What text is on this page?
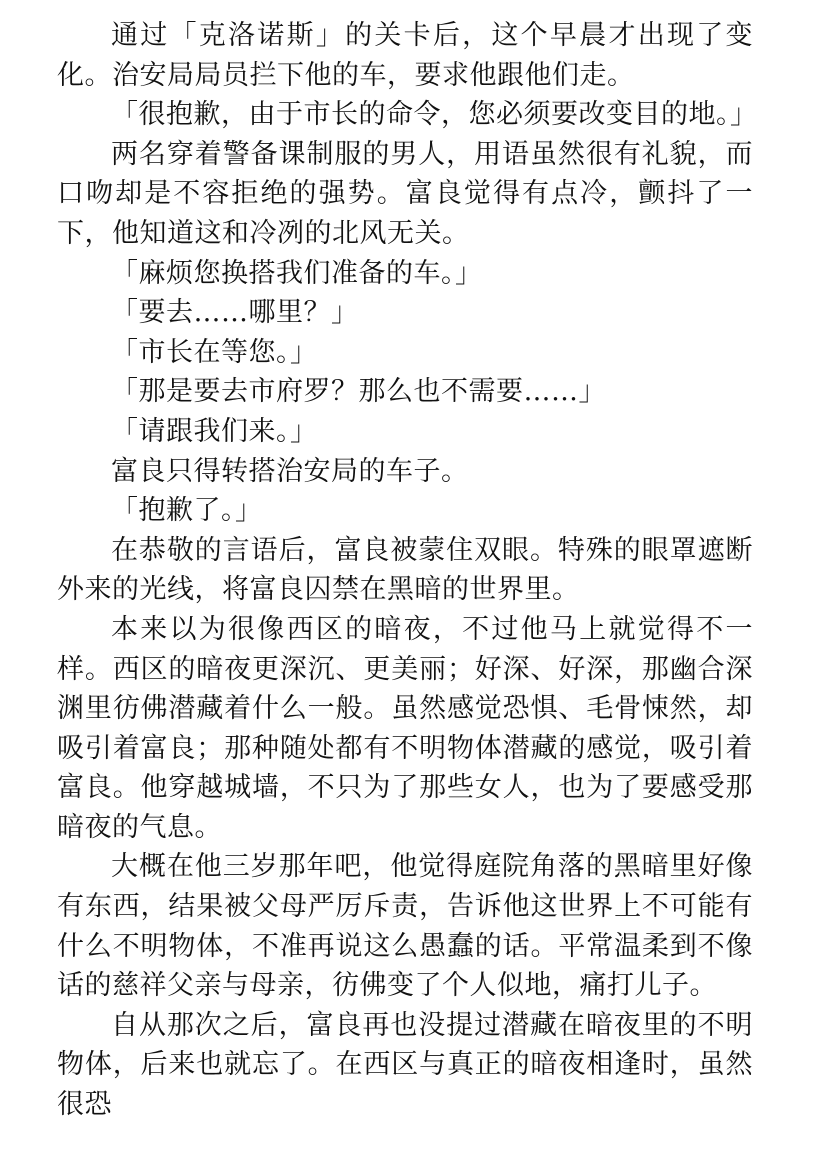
通过「克洛诺斯」的关卡后，这个早晨才出现了变化。治安局局员拦下他的车，要求他跟他们走。

「很抱歉，由于市长的命令，您必须要改变目的地。」

两名穿着警备课制服的男人，用语虽然很有礼貌，而口吻却是不容拒绝的强势。富良觉得有点冷，颤抖了一下，他知道这和冷冽的北风无关。

「麻烦您换搭我们准备的车。」

「要去……哪里？」

「市长在等您。」

「那是要去市府罗？那么也不需要……」

「请跟我们来。」

富良只得转搭治安局的车子。

「抱歉了。」

在恭敬的言语后，富良被蒙住双眼。特殊的眼罩遮断外来的光线，将富良囚禁在黑暗的世界里。

本来以为很像西区的暗夜，不过他马上就觉得不一样。西区的暗夜更深沉、更美丽；好深、好深，那幽合深渊里彷佛潜藏着什么一般。虽然感觉恐惧、毛骨悚然，却吸引着富良；那种随处都有不明物体潜藏的感觉，吸引着富良。他穿越城墙，不只为了那些女人，也为了要感受那暗夜的气息。

大概在他三岁那年吧，他觉得庭院角落的黑暗里好像有东西，结果被父母严厉斥责，告诉他这世界上不可能有什么不明物体，不准再说这么愚蠢的话。平常温柔到不像话的慈祥父亲与母亲，彷佛变了个人似地，痛打儿子。

自从那次之后，富良再也没提过潜藏在暗夜里的不明物体，后来也就忘了。在西区与真正的暗夜相逢时，虽然很恐
